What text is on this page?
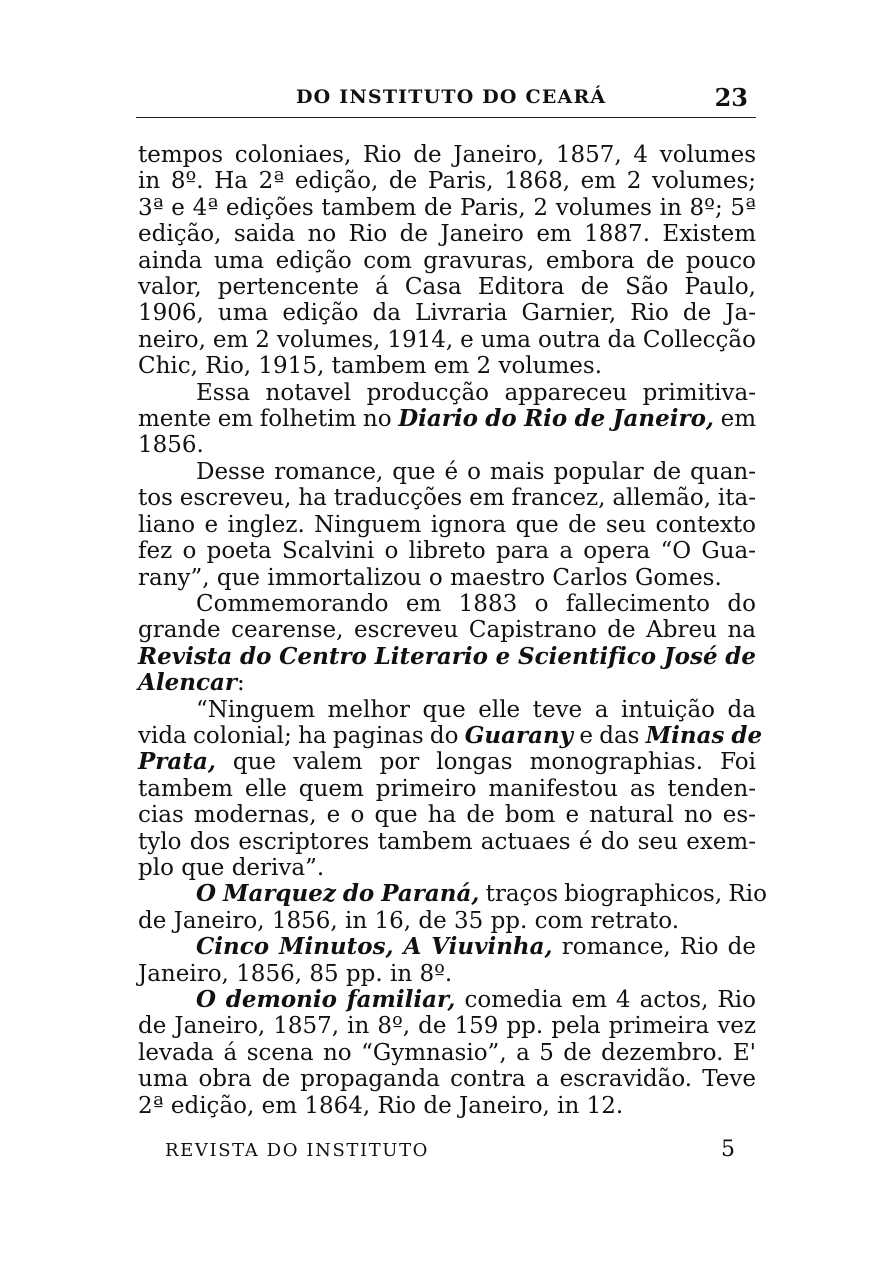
DO INSTITUTO DO CEARÁ	23

tempos coloniaes, Rio de Janeiro, 1857, 4 volumes
in 8º. Ha 2ª edição, de Paris, 1868, em 2 volumes;
3ª e 4ª edições tambem de Paris, 2 volumes in 8º; 5ª
edição, saida no Rio de Janeiro em 1887. Existem
ainda uma edição com gravuras, embora de pouco
valor, pertencente á Casa Editora de São Paulo,
1906, uma edição da Livraria Garnier, Rio de Ja-
neiro, em 2 volumes, 1914, e uma outra da Collecção
Chic, Rio, 1915, tambem em 2 volumes.

Essa notavel producção appareceu primitiva-
mente em folhetim no Diario do Rio de Janeiro, em
1856.

Desse romance, que é o mais popular de quan-
tos escreveu, ha traducções em francez, allemão, ita-
liano e inglez. Ninguem ignora que de seu contexto
fez o poeta Scalvini o libreto para a opera “O Gua-
rany”, que immortalizou o maestro Carlos Gomes.

Commemorando em 1883 o fallecimento do
grande cearense, escreveu Capistrano de Abreu na
Revista do Centro Literario e Scientifico José de
Alencar:

“Ninguem melhor que elle teve a intuição da
vida colonial; ha paginas do Guarany e das Minas de
Prata, que valem por longas monographias. Foi
tambem elle quem primeiro manifestou as tenden-
cias modernas, e o que ha de bom e natural no es-
tylo dos escriptores tambem actuaes é do seu exem-
plo que deriva”.

O Marquez do Paraná, traços biographicos, Rio
de Janeiro, 1856, in 16, de 35 pp. com retrato.

Cinco Minutos, A Viuvinha, romance, Rio de
Janeiro, 1856, 85 pp. in 8º.

O demonio familiar, comedia em 4 actos, Rio
de Janeiro, 1857, in 8º, de 159 pp. pela primeira vez
levada á scena no “Gymnasio”, a 5 de dezembro. E'
uma obra de propaganda contra a escravidão. Teve
2ª edição, em 1864, Rio de Janeiro, in 12.

REVISTA DO INSTITUTO	5
